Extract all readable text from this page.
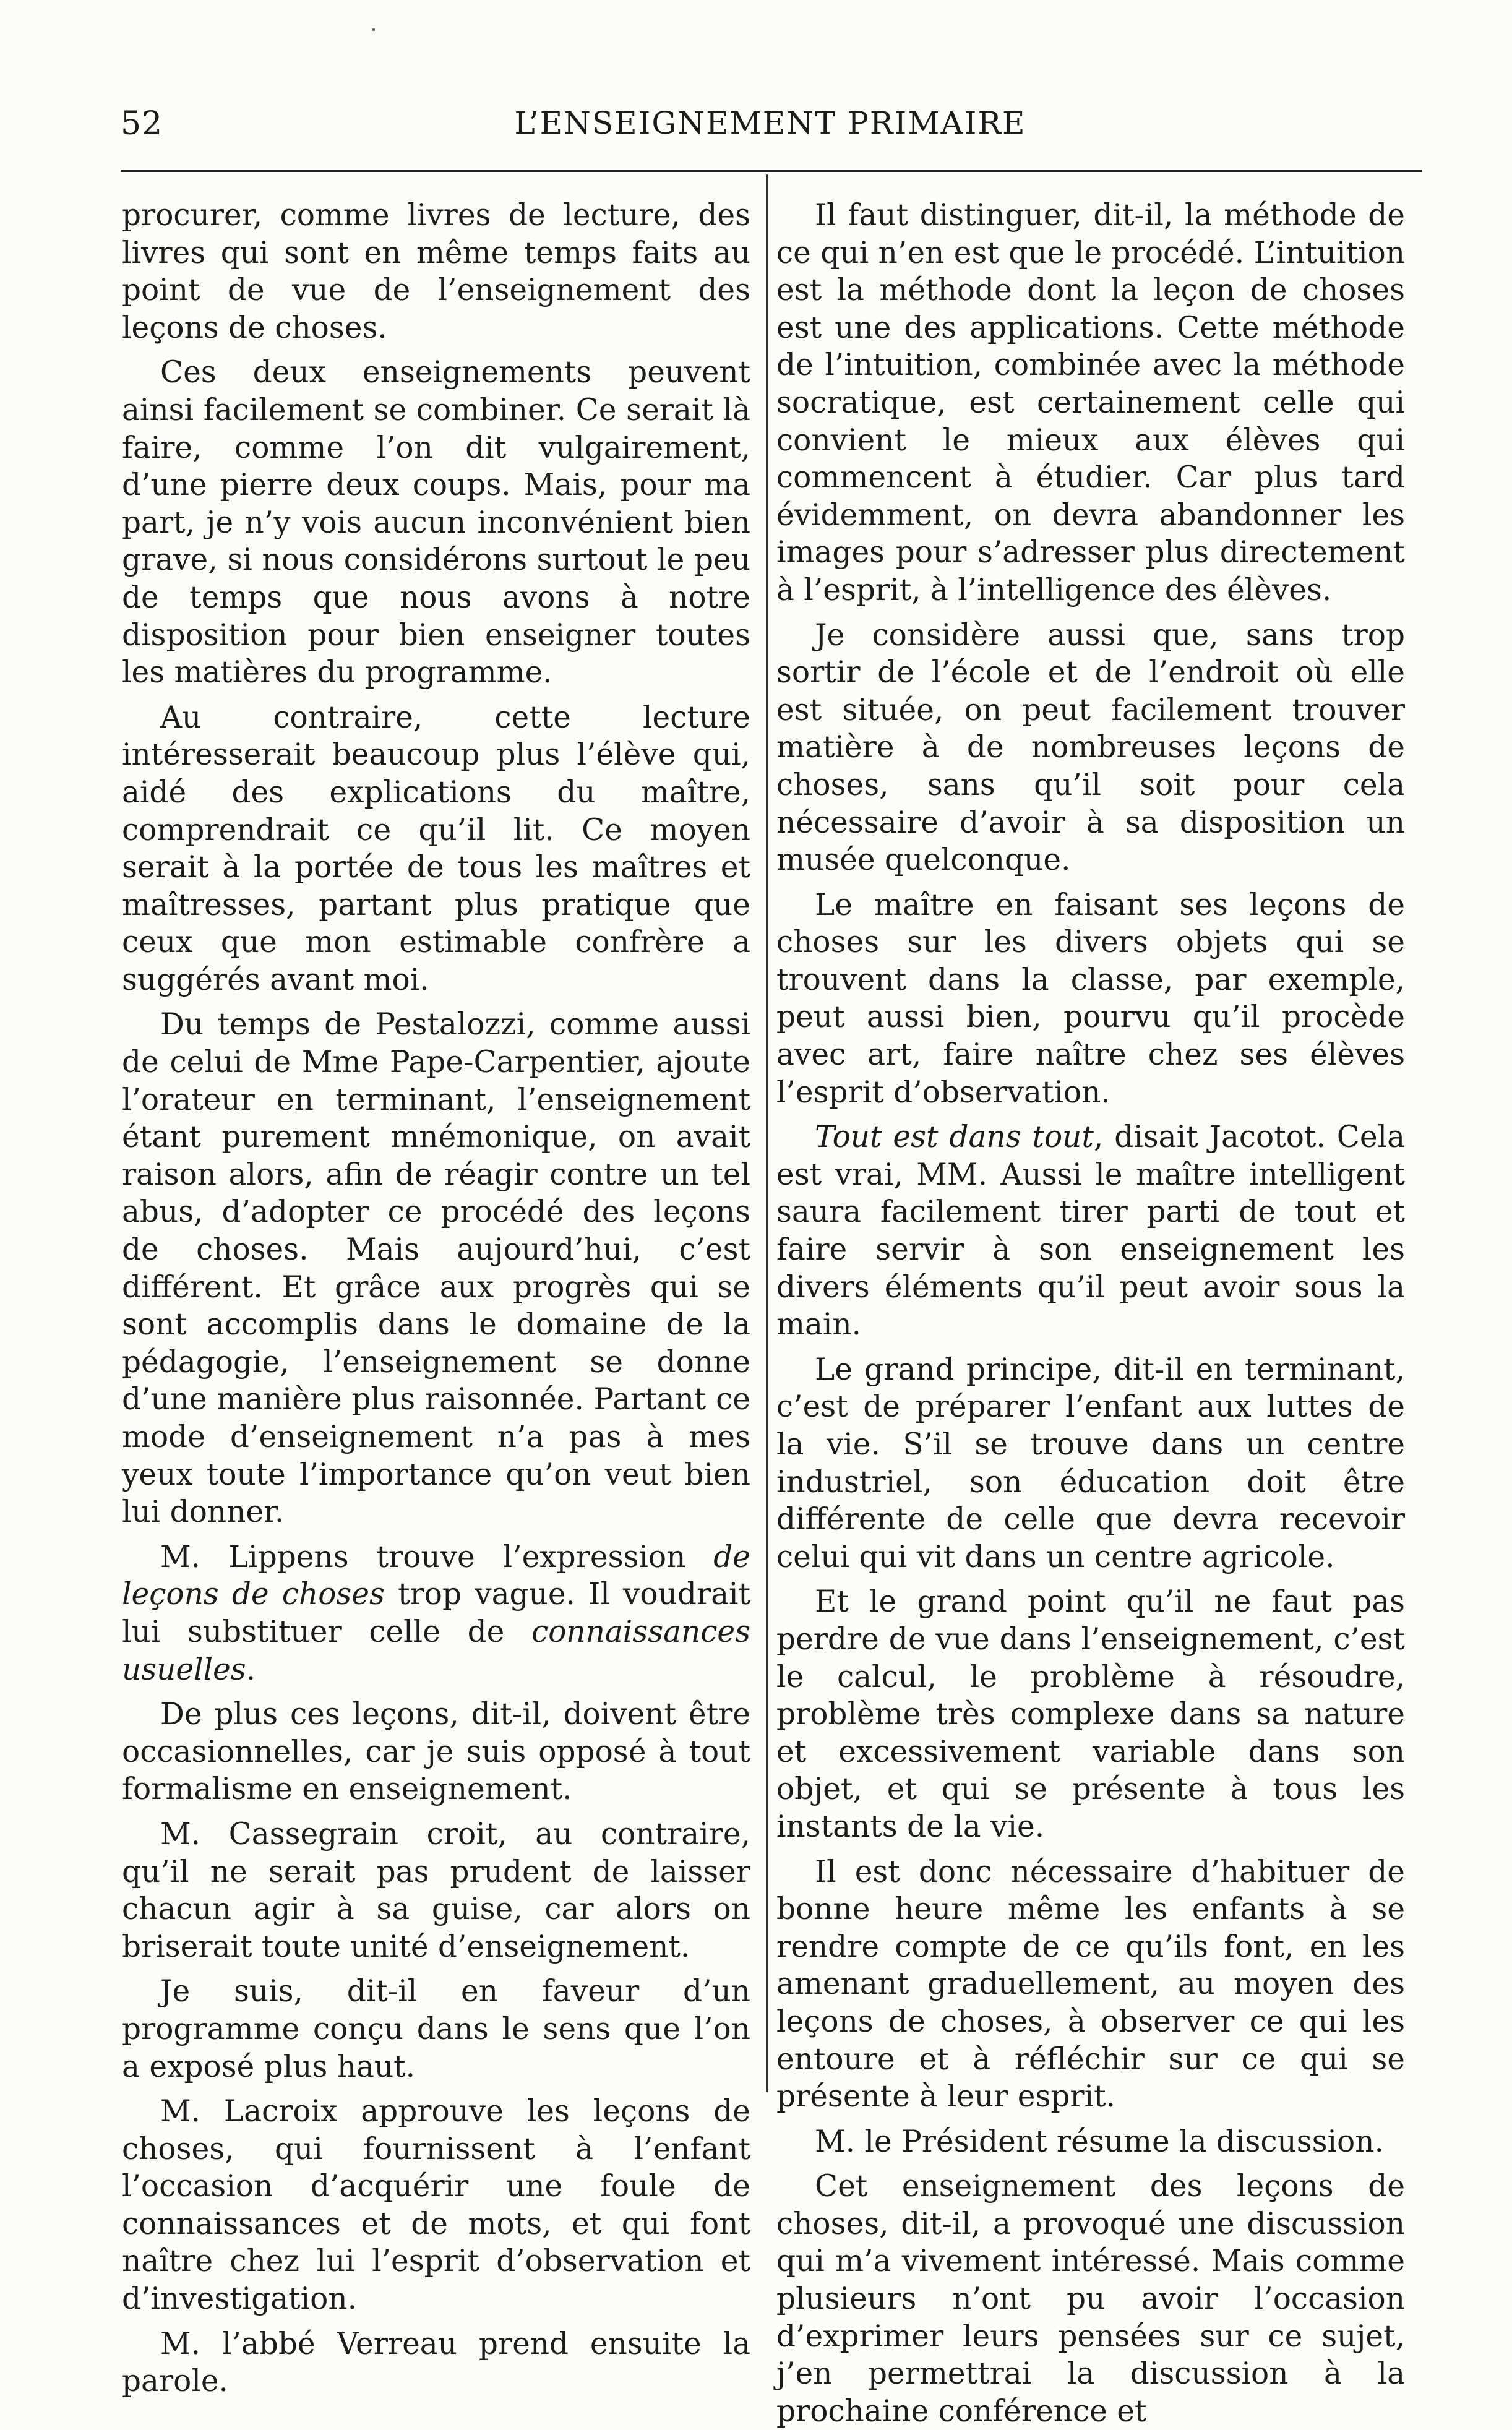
52	L’ENSEIGNEMENT PRIMAIRE

procurer, comme livres de lecture, des livres qui sont en même temps faits au point de vue de l’enseignement des leçons de choses.

Ces deux enseignements peuvent ainsi facilement se combiner. Ce serait là faire, comme l’on dit vulgairement, d’une pierre deux coups. Mais, pour ma part, je n’y vois aucun inconvénient bien grave, si nous considérons surtout le peu de temps que nous avons à notre disposition pour bien enseigner toutes les matières du programme.

Au contraire, cette lecture intéresserait beaucoup plus l’élève qui, aidé des explications du maître, comprendrait ce qu’il lit. Ce moyen serait à la portée de tous les maîtres et maîtresses, partant plus pratique que ceux que mon estimable confrère a suggérés avant moi.

Du temps de Pestalozzi, comme aussi de celui de Mme Pape-Carpentier, ajoute l’orateur en terminant, l’enseignement étant purement mnémonique, on avait raison alors, afin de réagir contre un tel abus, d’adopter ce procédé des leçons de choses. Mais aujourd’hui, c’est différent. Et grâce aux progrès qui se sont accomplis dans le domaine de la pédagogie, l’enseignement se donne d’une manière plus raisonnée. Partant ce mode d’enseignement n’a pas à mes yeux toute l’importance qu’on veut bien lui donner.

M. Lippens trouve l’expression de leçons de choses trop vague. Il voudrait lui substituer celle de connaissances usuelles.

De plus ces leçons, dit-il, doivent être occasionnelles, car je suis opposé à tout formalisme en enseignement.

M. Cassegrain croit, au contraire, qu’il ne serait pas prudent de laisser chacun agir à sa guise, car alors on briserait toute unité d’enseignement.

Je suis, dit-il en faveur d’un programme conçu dans le sens que l’on a exposé plus haut.

M. Lacroix approuve les leçons de choses, qui fournissent à l’enfant l’occasion d’acquérir une foule de connaissances et de mots, et qui font naître chez lui l’esprit d’observation et d’investigation.

M. l’abbé Verreau prend ensuite la parole.

Il faut distinguer, dit-il, la méthode de ce qui n’en est que le procédé. L’intuition est la méthode dont la leçon de choses est une des applications. Cette méthode de l’intuition, combinée avec la méthode socratique, est certainement celle qui convient le mieux aux élèves qui commencent à étudier. Car plus tard évidemment, on devra abandonner les images pour s’adresser plus directement à l’esprit, à l’intelligence des élèves.

Je considère aussi que, sans trop sortir de l’école et de l’endroit où elle est située, on peut facilement trouver matière à de nombreuses leçons de choses, sans qu’il soit pour cela nécessaire d’avoir à sa disposition un musée quelconque.

Le maître en faisant ses leçons de choses sur les divers objets qui se trouvent dans la classe, par exemple, peut aussi bien, pourvu qu’il procède avec art, faire naître chez ses élèves l’esprit d’observation.

Tout est dans tout, disait Jacotot. Cela est vrai, MM. Aussi le maître intelligent saura facilement tirer parti de tout et faire servir à son enseignement les divers éléments qu’il peut avoir sous la main.

Le grand principe, dit-il en terminant, c’est de préparer l’enfant aux luttes de la vie. S’il se trouve dans un centre industriel, son éducation doit être différente de celle que devra recevoir celui qui vit dans un centre agricole.

Et le grand point qu’il ne faut pas perdre de vue dans l’enseignement, c’est le calcul, le problème à résoudre, problème très complexe dans sa nature et excessivement variable dans son objet, et qui se présente à tous les instants de la vie.

Il est donc nécessaire d’habituer de bonne heure même les enfants à se rendre compte de ce qu’ils font, en les amenant graduellement, au moyen des leçons de choses, à observer ce qui les entoure et à réfléchir sur ce qui se présente à leur esprit.

M. le Président résume la discussion.

Cet enseignement des leçons de choses, dit-il, a provoqué une discussion qui m’a vivement intéressé. Mais comme plusieurs n’ont pu avoir l’occasion d’exprimer leurs pensées sur ce sujet, j’en permettrai la discussion à la prochaine conférence et
